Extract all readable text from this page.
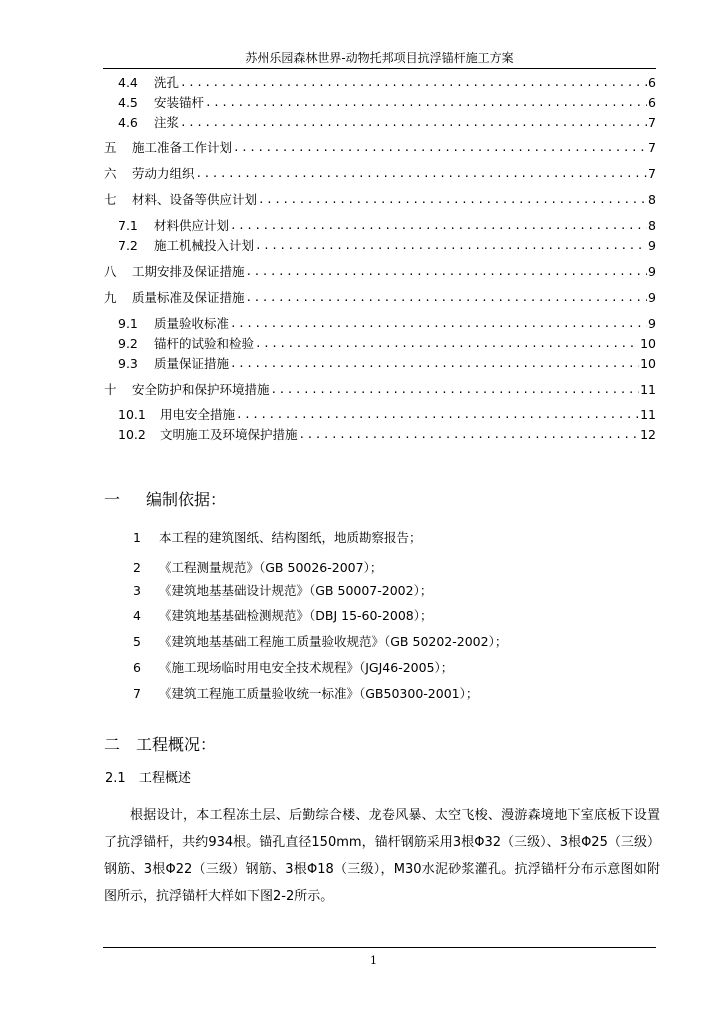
苏州乐园森林世界-动物托邦项目抗浮锚杆施工方案
4.4	洗孔 .....	6
4.5	安装锚杆 .....	6
4.6	注浆 .....	7
五	施工准备工作计划 .....	7
六	劳动力组织 .....	7
七	材料、设备等供应计划 .....	8
7.1	材料供应计划 .....	8
7.2	施工机械投入计划 .....	9
八	工期安排及保证措施 .....	9
九	质量标准及保证措施 .....	9
9.1	质量验收标准 .....	9
9.2	锚杆的试验和检验 .....	10
9.3	质量保证措施 .....	10
十	安全防护和保护环境措施 .....	11
10.1	用电安全措施 .....	11
10.2	文明施工及环境保护措施 .....	12
一 编制依据：
1 本工程的建筑图纸、结构图纸，地质勘察报告；
2 《工程测量规范》（GB 50026-2007）；
3 《建筑地基基础设计规范》（GB 50007-2002）；
4 《建筑地基基础检测规范》（DBJ 15-60-2008）；
5 《建筑地基基础工程施工质量验收规范》（GB 50202-2002）；
6 《施工现场临时用电安全技术规程》（JGJ46-2005）；
7 《建筑工程施工质量验收统一标准》（GB50300-2001）；
二 工程概况：
2.1 工程概述
根据设计，本工程冻土层、后勤综合楼、龙卷风暴、太空飞梭、漫游森境地下室底板下设置了抗浮锚杆，共约934根。锚孔直径150mm，锚杆钢筋采用3根Φ32（三级）、3根Φ25（三级）钢筋、3根Φ22（三级）钢筋、3根Φ18（三级），M30水泥砂浆灌孔。抗浮锚杆分布示意图如附图所示，抗浮锚杆大样如下图2-2所示。
1
